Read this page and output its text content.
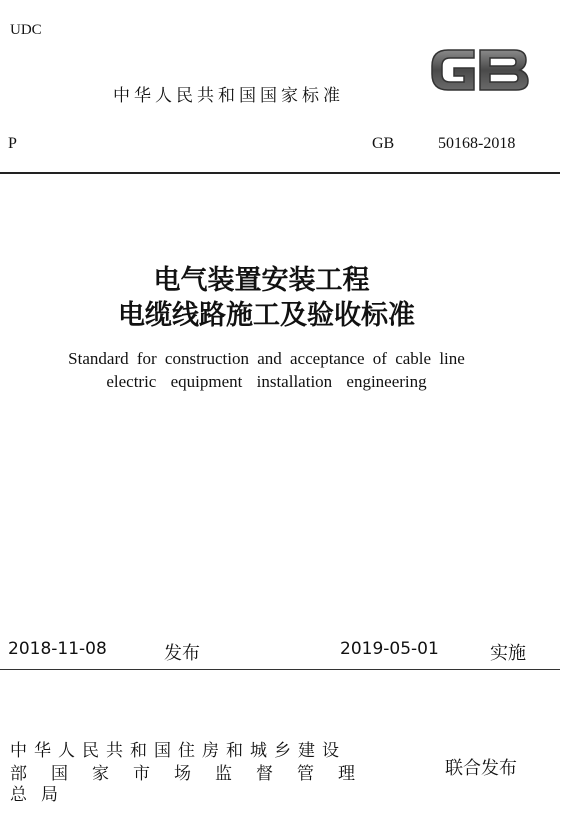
UDC
中华人民共和国国家标准
P	GB	50168-2018
电气装置安装工程
电缆线路施工及验收标准
Standard for construction and acceptance of cable line
electric equipment installation engineering
2018-11-08	发布	2019-05-01	实施
中华人民共和国住房和城乡建设
部国家市场监督管理
总局
联合发布
